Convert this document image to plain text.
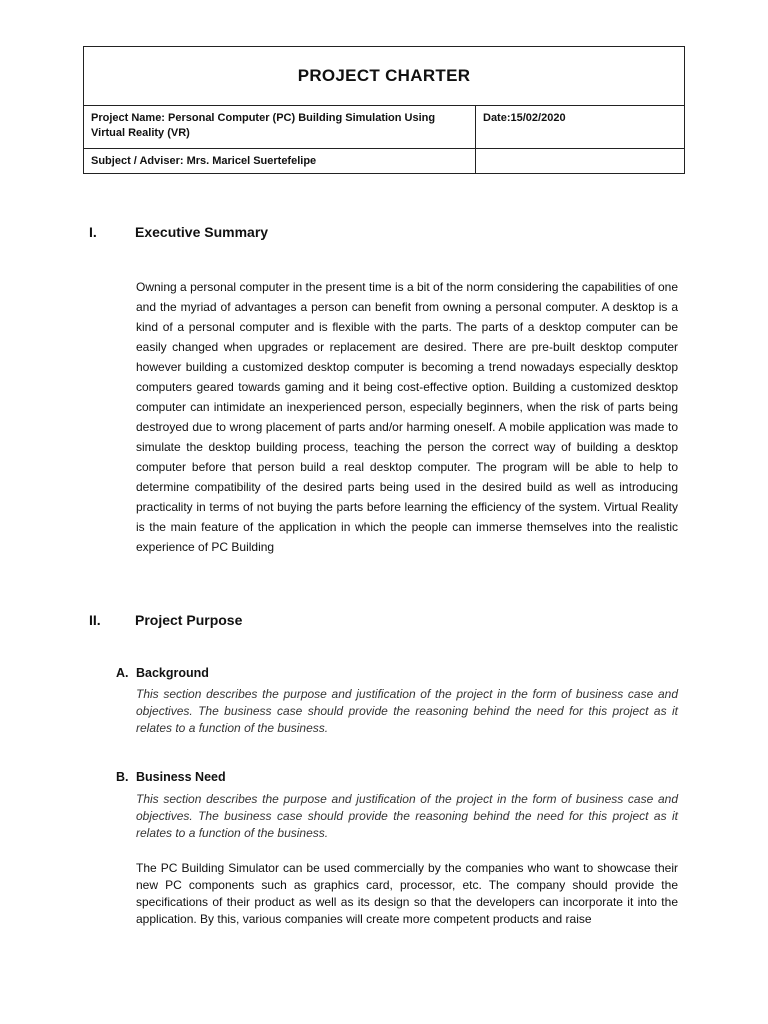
PROJECT CHARTER
Project Name: Personal Computer (PC) Building Simulation Using Virtual Reality (VR)
Date:15/02/2020
Subject / Adviser: Mrs. Maricel Suertefelipe
I.	Executive Summary
Owning a personal computer in the present time is a bit of the norm considering the capabilities of one and the myriad of advantages a person can benefit from owning a personal computer. A desktop is a kind of a personal computer and is flexible with the parts. The parts of a desktop computer can be easily changed when upgrades or replacement are desired. There are pre-built desktop computer however building a customized desktop computer is becoming a trend nowadays especially desktop computers geared towards gaming and it being cost-effective option. Building a customized desktop computer can intimidate an inexperienced person, especially beginners, when the risk of parts being destroyed due to wrong placement of parts and/or harming oneself. A mobile application was made to simulate the desktop building process, teaching the person the correct way of building a desktop computer before that person build a real desktop computer. The program will be able to help to determine compatibility of the desired parts being used in the desired build as well as introducing practicality in terms of not buying the parts before learning the efficiency of the system. Virtual Reality is the main feature of the application in which the people can immerse themselves into the realistic experience of PC Building
II.	Project Purpose
A. Background
This section describes the purpose and justification of the project in the form of business case and objectives. The business case should provide the reasoning behind the need for this project as it relates to a function of the business.
B. Business Need
This section describes the purpose and justification of the project in the form of business case and objectives. The business case should provide the reasoning behind the need for this project as it relates to a function of the business.
The PC Building Simulator can be used commercially by the companies who want to showcase their new PC components such as graphics card, processor, etc. The company should provide the specifications of their product as well as its design so that the developers can incorporate it into the application. By this, various companies will create more competent products and raise
